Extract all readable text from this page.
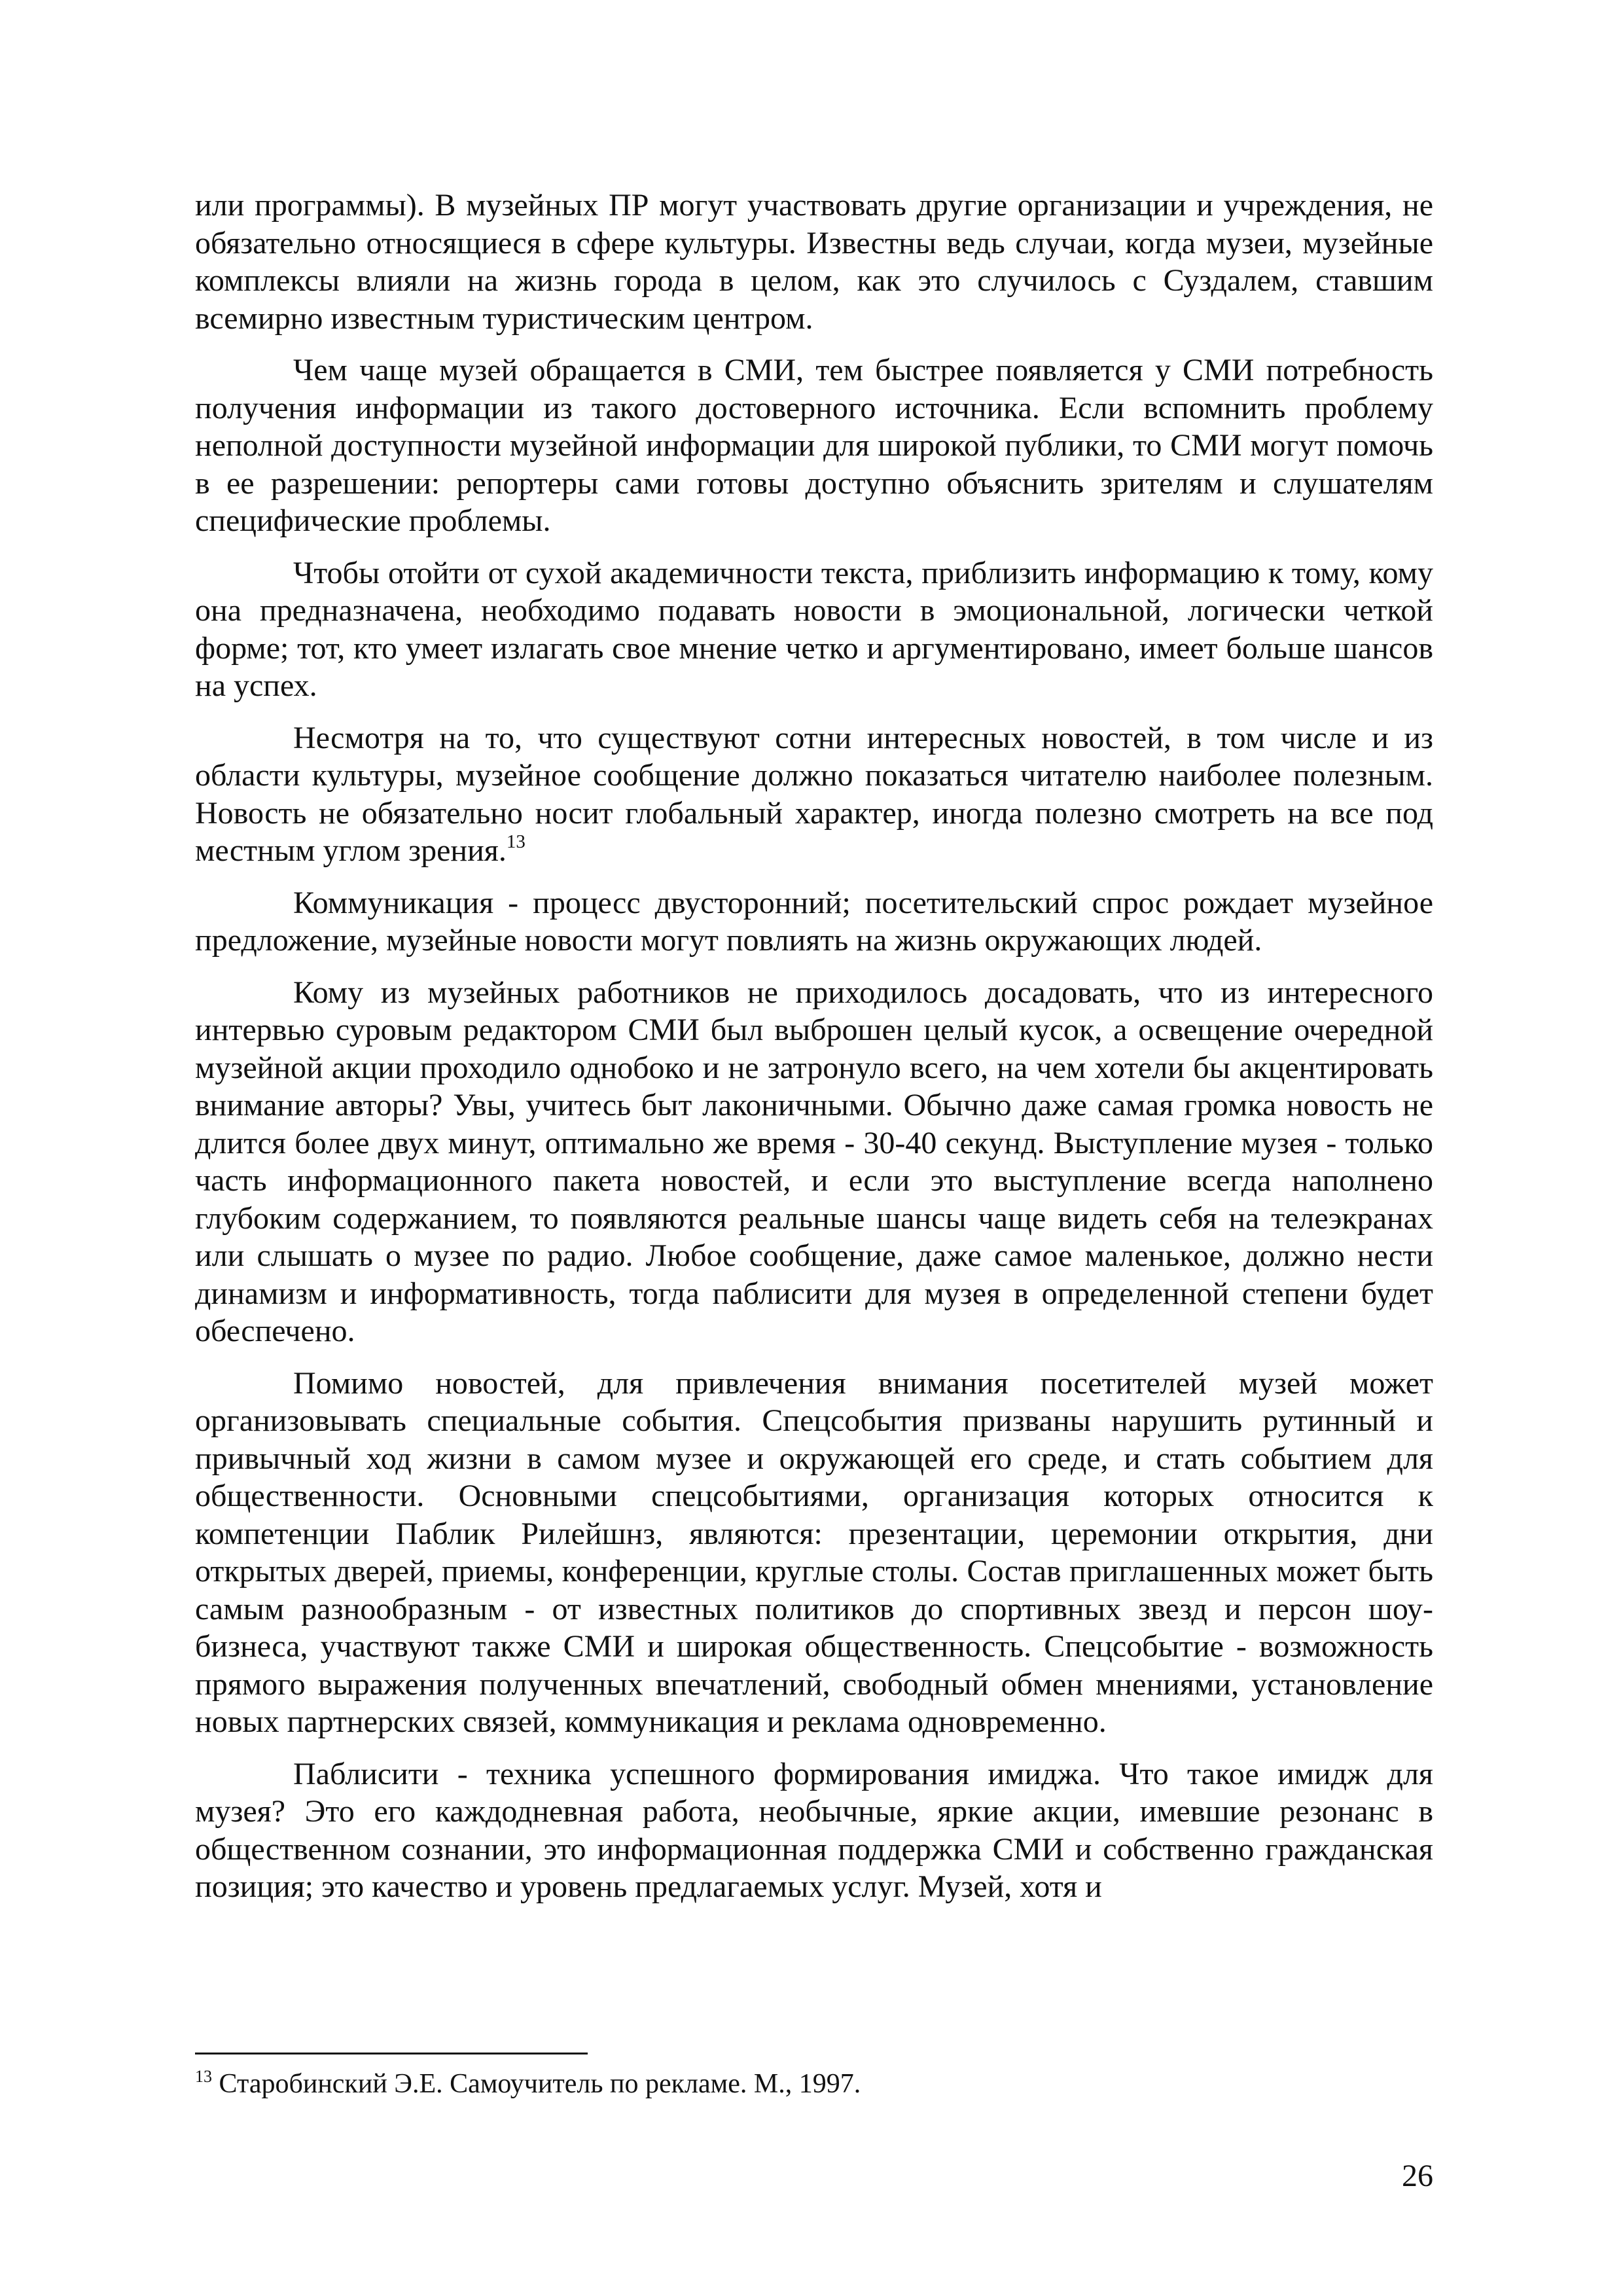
или программы). В музейных ПР могут участвовать другие организации и учреждения, не обязательно относящиеся в сфере культуры. Известны ведь случаи, когда музеи, музейные комплексы влияли на жизнь города в целом, как это случилось с Суздалем, ставшим всемирно известным туристическим центром.

Чем чаще музей обращается в СМИ, тем быстрее появляется у СМИ потребность получения информации из такого достоверного источника. Если вспомнить проблему неполной доступности музейной информации для широкой публики, то СМИ могут помочь в ее разрешении: репортеры сами готовы доступно объяснить зрителям и слушателям специфические проблемы.

Чтобы отойти от сухой академичности текста, приблизить информацию к тому, кому она предназначена, необходимо подавать новости в эмоциональной, логически четкой форме; тот, кто умеет излагать свое мнение четко и аргументировано, имеет больше шансов на успех.

Несмотря на то, что существуют сотни интересных новостей, в том числе и из области культуры, музейное сообщение должно показаться читателю наиболее полезным. Новость не обязательно носит глобальный характер, иногда полезно смотреть на все под местным углом зрения.$^{13}$

Коммуникация - процесс двусторонний; посетительский спрос рождает музейное предложение, музейные новости могут повлиять на жизнь окружающих людей.

Кому из музейных работников не приходилось досадовать, что из интересного интервью суровым редактором СМИ был выброшен целый кусок, а освещение очередной музейной акции проходило однобоко и не затронуло всего, на чем хотели бы акцентировать внимание авторы? Увы, учитесь быт лаконичными. Обычно даже самая громка новость не длится более двух минут, оптимально же время - 30-40 секунд. Выступление музея - только часть информационного пакета новостей, и если это выступление всегда наполнено глубоким содержанием, то появляются реальные шансы чаще видеть себя на телеэкранах или слышать о музее по радио. Любое сообщение, даже самое маленькое, должно нести динамизм и информативность, тогда паблисити для музея в определенной степени будет обеспечено.

Помимо новостей, для привлечения внимания посетителей музей может организовывать специальные события. Спецсобытия призваны нарушить рутинный и привычный ход жизни в самом музее и окружающей его среде, и стать событием для общественности. Основными спецсобытиями, организация которых относится к компетенции Паблик Рилейшнз, являются: презентации, церемонии открытия, дни открытых дверей, приемы, конференции, круглые столы. Состав приглашенных может быть самым разнообразным - от известных политиков до спортивных звезд и персон шоу-бизнеса, участвуют также СМИ и широкая общественность. Спецсобытие - возможность прямого выражения полученных впечатлений, свободный обмен мнениями, установление новых партнерских связей, коммуникация и реклама одновременно.

Паблисити - техника успешного формирования имиджа. Что такое имидж для музея? Это его каждодневная работа, необычные, яркие акции, имевшие резонанс в общественном сознании, это информационная поддержка СМИ и собственно гражданская позиция; это качество и уровень предлагаемых услуг. Музей, хотя и

$^{13}$ Старобинский Э.Е. Самоучитель по рекламе. М., 1997.
26
